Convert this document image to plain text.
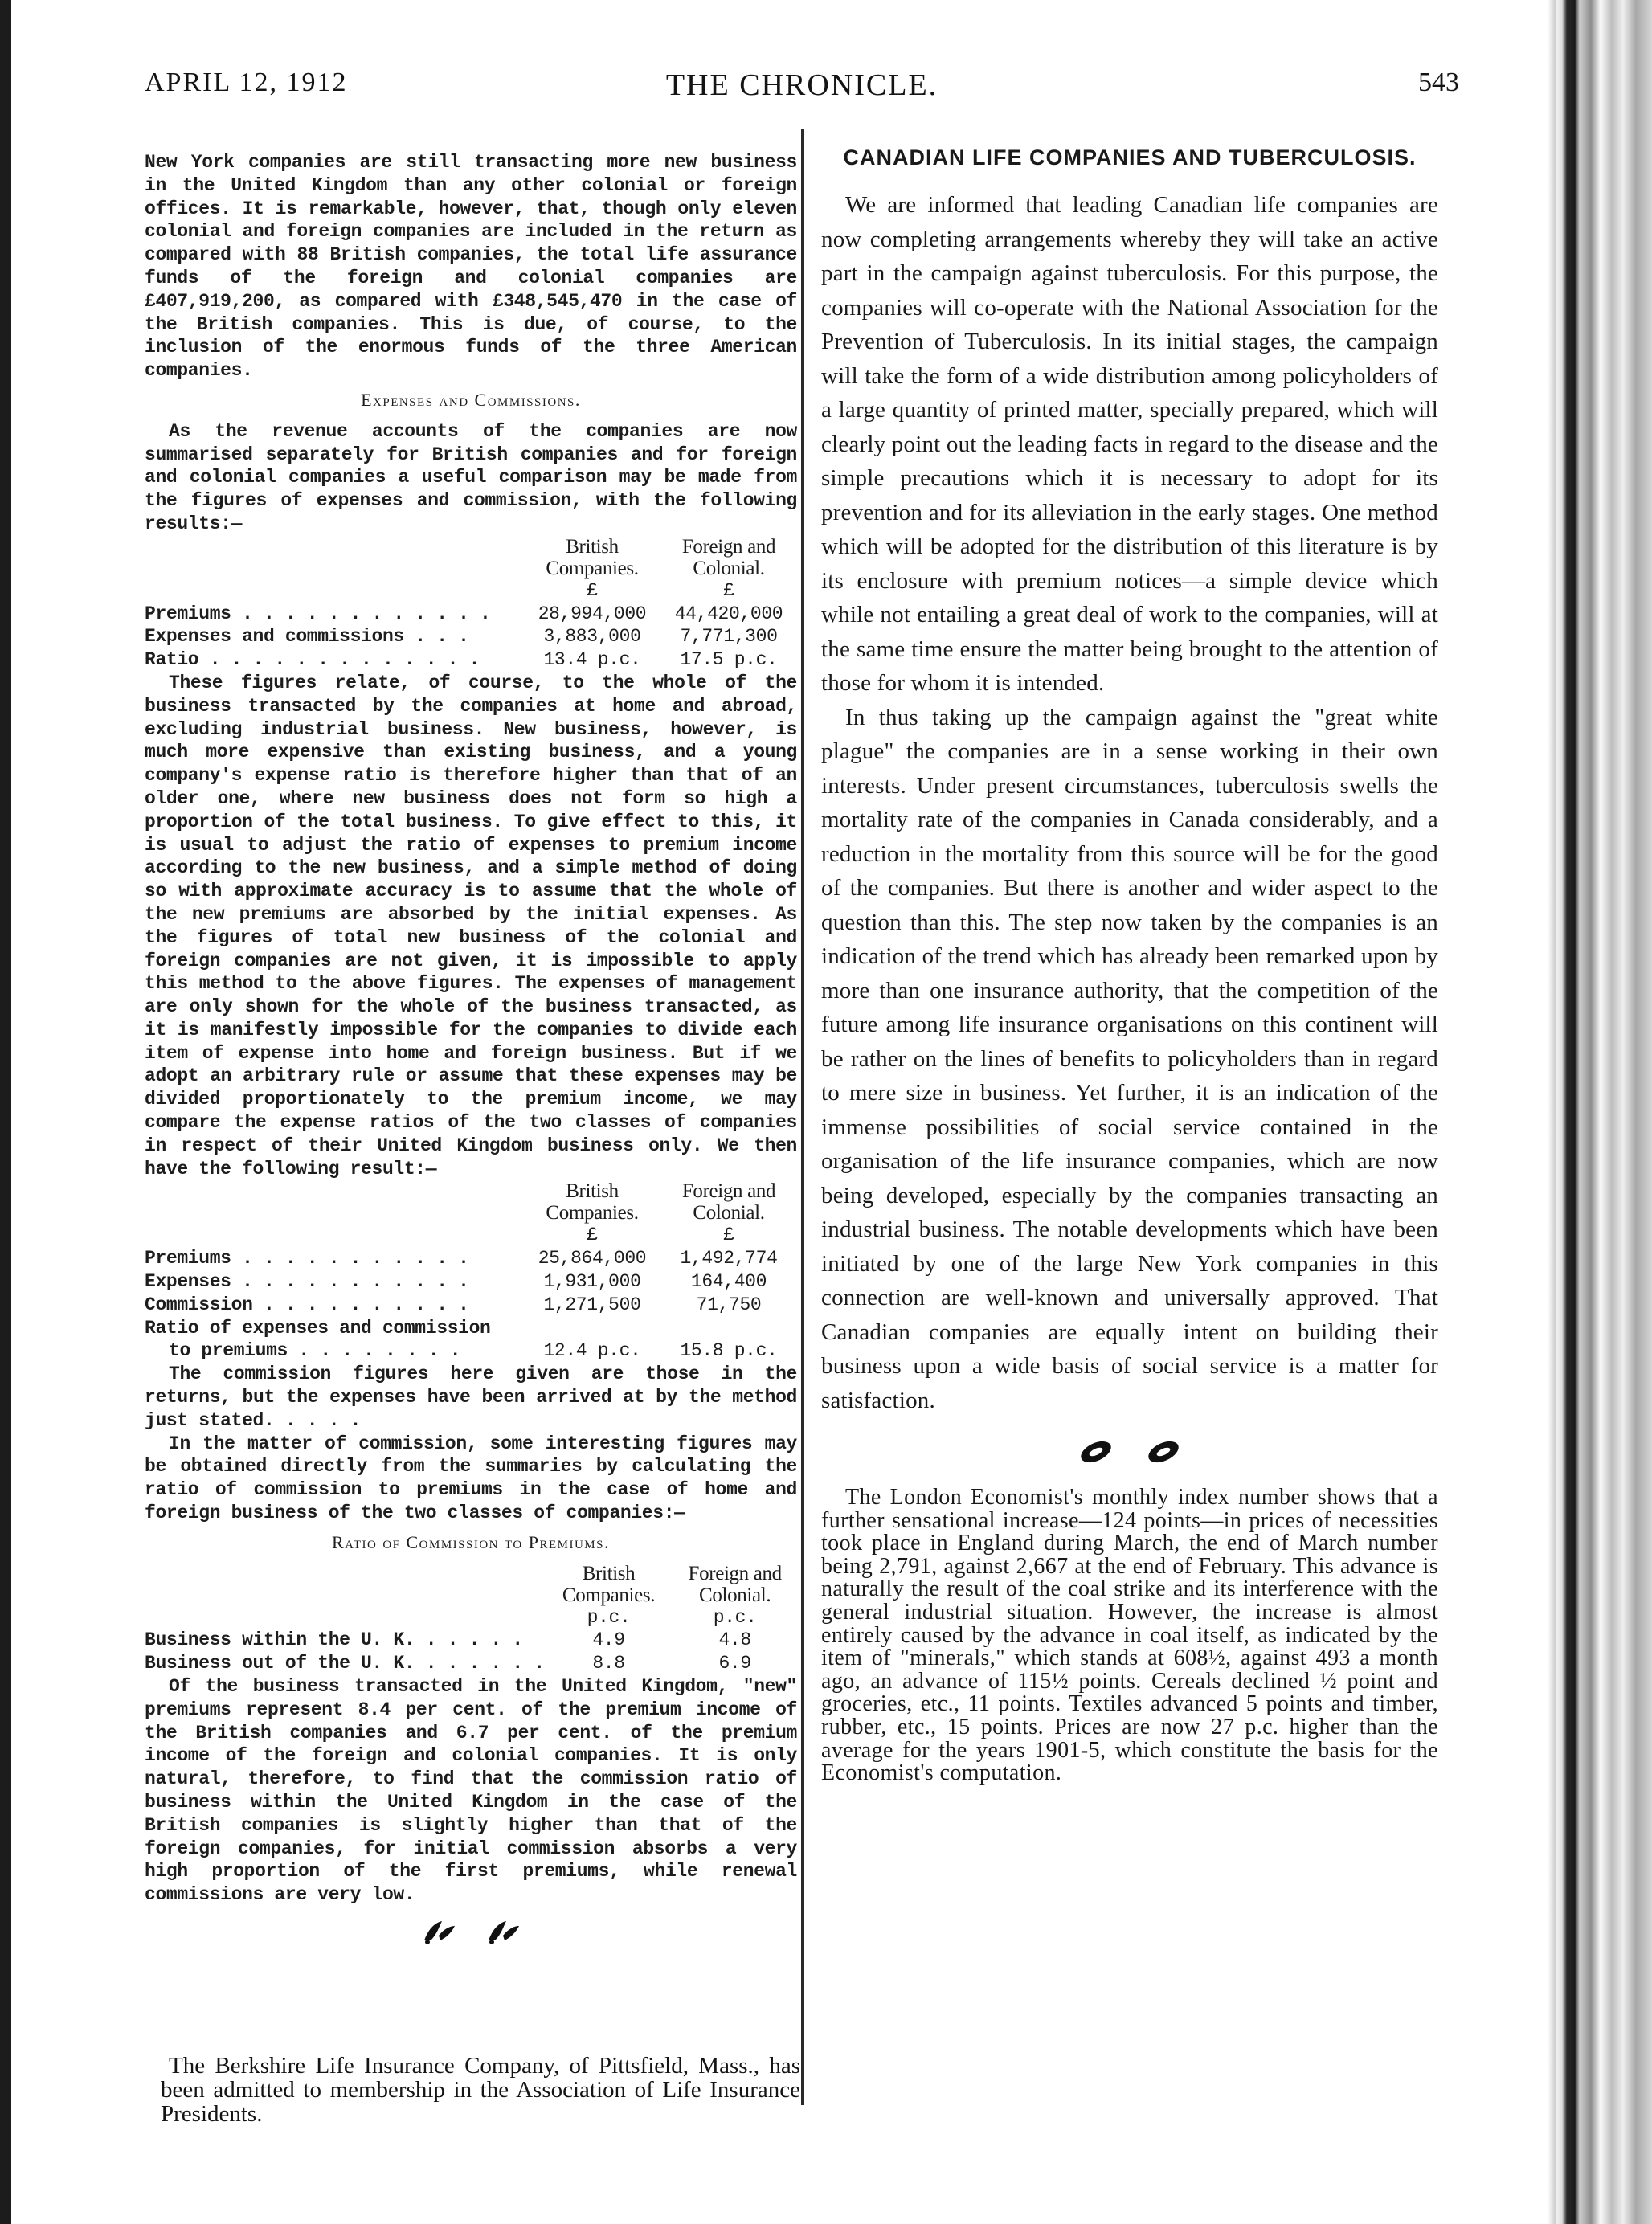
APRIL 12, 1912	THE CHRONICLE.	543

New York companies are still transacting more new business in the United Kingdom than any other colonial or foreign offices. It is remarkable, however, that, though only eleven colonial and foreign companies are included in the return as compared with 88 British companies, the total life assurance funds of the foreign and colonial companies are £407,919,200, as compared with £348,545,470 in the case of the British companies. This is due, of course, to the inclusion of the enormous funds of the three American companies.

Expenses and Commissions.

As the revenue accounts of the companies are now summarised separately for British companies and for foreign and colonial companies a useful comparison may be made from the figures of expenses and commission, with the following results:—

	British	Foreign and
	Companies.	Colonial.
	£	£
Premiums . . . . . . . . . . . .	28,994,000	44,420,000
Expenses and commissions . . .	3,883,000	7,771,300
Ratio . . . . . . . . . . . . .	13.4 p.c.	17.5 p.c.

These figures relate, of course, to the whole of the business transacted by the companies at home and abroad, excluding industrial business. New business, however, is much more expensive than existing business, and a young company's expense ratio is therefore higher than that of an older one, where new business does not form so high a proportion of the total business. To give effect to this, it is usual to adjust the ratio of expenses to premium income according to the new business, and a simple method of doing so with approximate accuracy is to assume that the whole of the new premiums are absorbed by the initial expenses. As the figures of total new business of the colonial and foreign companies are not given, it is impossible to apply this method to the above figures. The expenses of management are only shown for the whole of the business transacted, as it is manifestly impossible for the companies to divide each item of expense into home and foreign business. But if we adopt an arbitrary rule or assume that these expenses may be divided proportionately to the premium income, we may compare the expense ratios of the two classes of companies in respect of their United Kingdom business only. We then have the following result:—

	British	Foreign and
	Companies.	Colonial.
	£	£
Premiums . . . . . . . . . . .	25,864,000	1,492,774
Expenses . . . . . . . . . . .	1,931,000	164,400
Commission . . . . . . . . . .	1,271,500	71,750
Ratio of expenses and commission		
to premiums . . . . . . . .	12.4 p.c.	15.8 p.c.

The commission figures here given are those in the returns, but the expenses have been arrived at by the method just stated. . . . .

In the matter of commission, some interesting figures may be obtained directly from the summaries by calculating the ratio of commission to premiums in the case of home and foreign business of the two classes of companies:—

Ratio of Commission to Premiums.
	British	Foreign and
	Companies.	Colonial.
	p.c.	p.c.
Business within the U. K. . . . . .	4.9	4.8
Business out of the U. K. . . . . . .	8.8	6.9

Of the business transacted in the United Kingdom, "new" premiums represent 8.4 per cent. of the premium income of the British companies and 6.7 per cent. of the premium income of the foreign and colonial companies. It is only natural, therefore, to find that the commission ratio of business within the United Kingdom in the case of the British companies is slightly higher than that of the foreign companies, for initial commission absorbs a very high proportion of the first premiums, while renewal commissions are very low.

The Berkshire Life Insurance Company, of Pittsfield, Mass., has been admitted to membership in the Association of Life Insurance Presidents.

CANADIAN LIFE COMPANIES AND TUBERCULOSIS.

We are informed that leading Canadian life companies are now completing arrangements whereby they will take an active part in the campaign against tuberculosis. For this purpose, the companies will co-operate with the National Association for the Prevention of Tuberculosis. In its initial stages, the campaign will take the form of a wide distribution among policyholders of a large quantity of printed matter, specially prepared, which will clearly point out the leading facts in regard to the disease and the simple precautions which it is necessary to adopt for its prevention and for its alleviation in the early stages. One method which will be adopted for the distribution of this literature is by its enclosure with premium notices—a simple device which while not entailing a great deal of work to the companies, will at the same time ensure the matter being brought to the attention of those for whom it is intended.

In thus taking up the campaign against the "great white plague" the companies are in a sense working in their own interests. Under present circumstances, tuberculosis swells the mortality rate of the companies in Canada considerably, and a reduction in the mortality from this source will be for the good of the companies. But there is another and wider aspect to the question than this. The step now taken by the companies is an indication of the trend which has already been remarked upon by more than one insurance authority, that the competition of the future among life insurance organisations on this continent will be rather on the lines of benefits to policyholders than in regard to mere size in business. Yet further, it is an indication of the immense possibilities of social service contained in the organisation of the life insurance companies, which are now being developed, especially by the companies transacting an industrial business. The notable developments which have been initiated by one of the large New York companies in this connection are well-known and universally approved. That Canadian companies are equally intent on building their business upon a wide basis of social service is a matter for satisfaction.

The London Economist's monthly index number shows that a further sensational increase—124 points—in prices of necessities took place in England during March, the end of March number being 2,791, against 2,667 at the end of February. This advance is naturally the result of the coal strike and its interference with the general industrial situation. However, the increase is almost entirely caused by the advance in coal itself, as indicated by the item of "minerals," which stands at 608½, against 493 a month ago, an advance of 115½ points. Cereals declined ½ point and groceries, etc., 11 points. Textiles advanced 5 points and timber, rubber, etc., 15 points. Prices are now 27 p.c. higher than the average for the years 1901-5, which constitute the basis for the Economist's computation.
